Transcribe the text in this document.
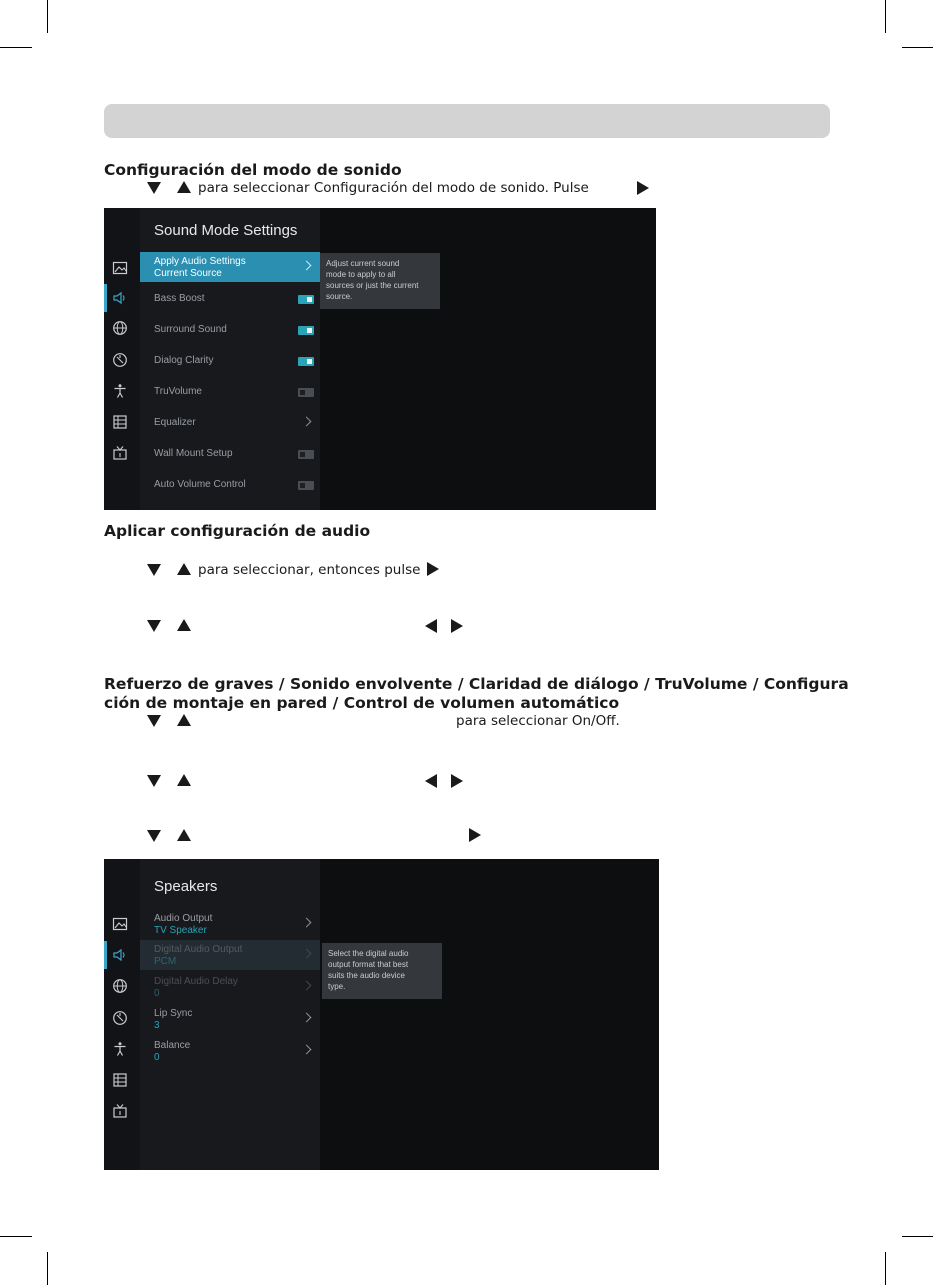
Configuración del modo de sonido
para seleccionar Configuración del modo de sonido. Pulse
Sound Mode Settings
Apply Audio Settings
Current Source
Bass Boost
Surround Sound
Dialog Clarity
TruVolume
Equalizer
Wall Mount Setup
Auto Volume Control
Adjust current sound
mode to apply to all
sources or just the current
source.
Aplicar configuración de audio
para seleccionar, entonces pulse
Refuerzo de graves / Sonido envolvente / Claridad de diálogo / TruVolume / Configura
ción de montaje en pared / Control de volumen automático
para seleccionar On/Off.
Speakers
Audio Output
TV Speaker
Digital Audio Output
PCM
Digital Audio Delay
0
Lip Sync
3
Balance
0
Select the digital audio
output format that best
suits the audio device
type.
